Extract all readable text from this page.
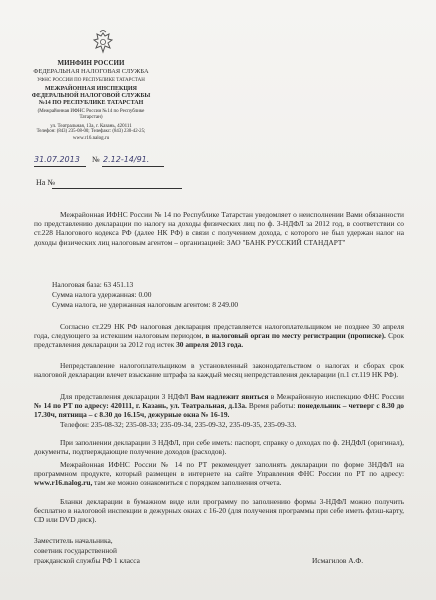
МИНФИН РОССИИ
ФЕДЕРАЛЬНАЯ НАЛОГОВАЯ СЛУЖБА
УФНС РОССИИ ПО РЕСПУБЛИКЕ ТАТАРСТАН
МЕЖРАЙОННАЯ ИНСПЕКЦИЯ
ФЕДЕРАЛЬНОЙ НАЛОГОВОЙ СЛУЖБЫ
№14 ПО РЕСПУБЛИКЕ ТАТАРСТАН
(Межрайонная ИФНС России №14 по Республике
Татарстан)
ул. Театральная, 13а, г. Казань, 420111
Телефон: (843) 235-08-00; Телефакс: (843) 230-42-25;
www.r16.nalog.ru
31.07.2013 № 2.12-14/91.
На №

Межрайонная ИФНС России № 14 по Республике Татарстан уведомляет о неисполнении Вами обязанности по представлению декларации по налогу на доходы физических лиц по ф. 3-НДФЛ за 2012 год, в соответствии со ст.228 Налогового кодекса РФ (далее НК РФ) в связи с получением дохода, с которого не был удержан налог на доходы физических лиц налоговым агентом – организацией: ЗАО "БАНК РУССКИЙ СТАНДАРТ"

Налоговая база: 63 451.13
Сумма налога удержанная: 0.00
Сумма налога, не удержанная налоговым агентом: 8 249.00

Согласно ст.229 НК РФ налоговая декларация представляется налогоплательщиком не позднее 30 апреля года, следующего за истекшим налоговым периодом, в налоговый орган по месту регистрации (прописке). Срок представления декларации за 2012 год истек 30 апреля 2013 года.

Непредставление налогоплательщиком в установленный законодательством о налогах и сборах срок налоговой декларации влечет взыскание штрафа за каждый месяц непредставления декларации (п.1 ст.119 НК РФ).

Для представления декларации 3 НДФЛ Вам надлежит явиться в Межрайонную инспекцию ФНС России № 14 по РТ по адресу: 420111, г. Казань, ул. Театральная, д.13а. Время работы: понедельник – четверг с 8.30 до 17.30ч, пятница – с 8.30 до 16.15ч, дежурные окна № 16-19.

Телефон: 235-08-32; 235-08-33; 235-09-34, 235-09-32, 235-09-35, 235-09-33.

При заполнении декларации 3 НДФЛ, при себе иметь: паспорт, справку о доходах по ф. 2НДФЛ (оригинал), документы, подтверждающие получение доходов (расходов).

Межрайонная ИФНС России № 14 по РТ рекомендует заполнять декларации по форме 3НДФЛ на программном продукте, который размещен в интернете на сайте Управления ФНС России по РТ по адресу: www.r16.nalog.ru, там же можно ознакомиться с порядком заполнения отчета.

Бланки декларации в бумажном виде или программу по заполнению формы 3-НДФЛ можно получить бесплатно в налоговой инспекции в дежурных окнах с 16-20 (для получения программы при себе иметь флэш-карту, CD или DVD диск).

Заместитель начальника,
советник государственной
гражданской службы РФ 1 класса	Исмагилов А.Ф.
